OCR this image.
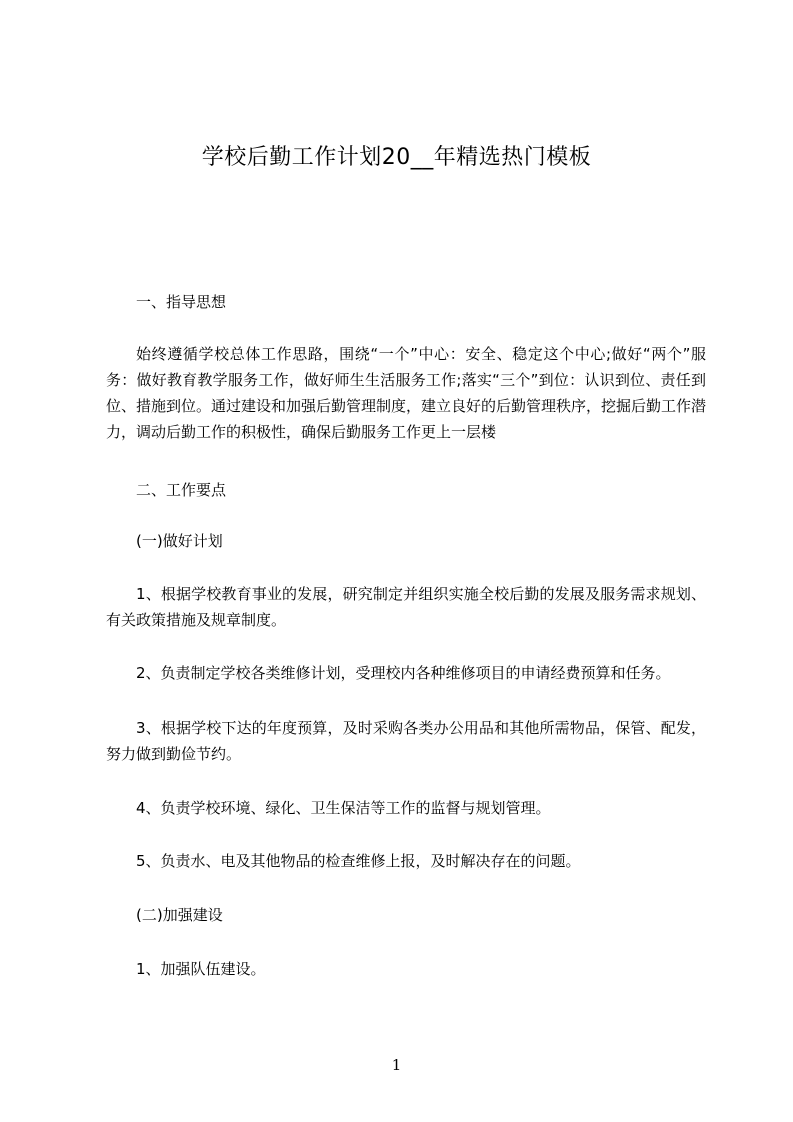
学校后勤工作计划20__年精选热门模板
一、指导思想
始终遵循学校总体工作思路，围绕“一个”中心：安全、稳定这个中心;做好“两个”服务：做好教育教学服务工作，做好师生生活服务工作;落实“三个”到位：认识到位、责任到位、措施到位。通过建设和加强后勤管理制度，建立良好的后勤管理秩序，挖掘后勤工作潜力，调动后勤工作的积极性，确保后勤服务工作更上一层楼
二、工作要点
(一)做好计划
1、根据学校教育事业的发展，研究制定并组织实施全校后勤的发展及服务需求规划、有关政策措施及规章制度。
2、负责制定学校各类维修计划，受理校内各种维修项目的申请经费预算和任务。
3、根据学校下达的年度预算，及时采购各类办公用品和其他所需物品，保管、配发，努力做到勤俭节约。
4、负责学校环境、绿化、卫生保洁等工作的监督与规划管理。
5、负责水、电及其他物品的检查维修上报，及时解决存在的问题。
(二)加强建设
1、加强队伍建设。
1
